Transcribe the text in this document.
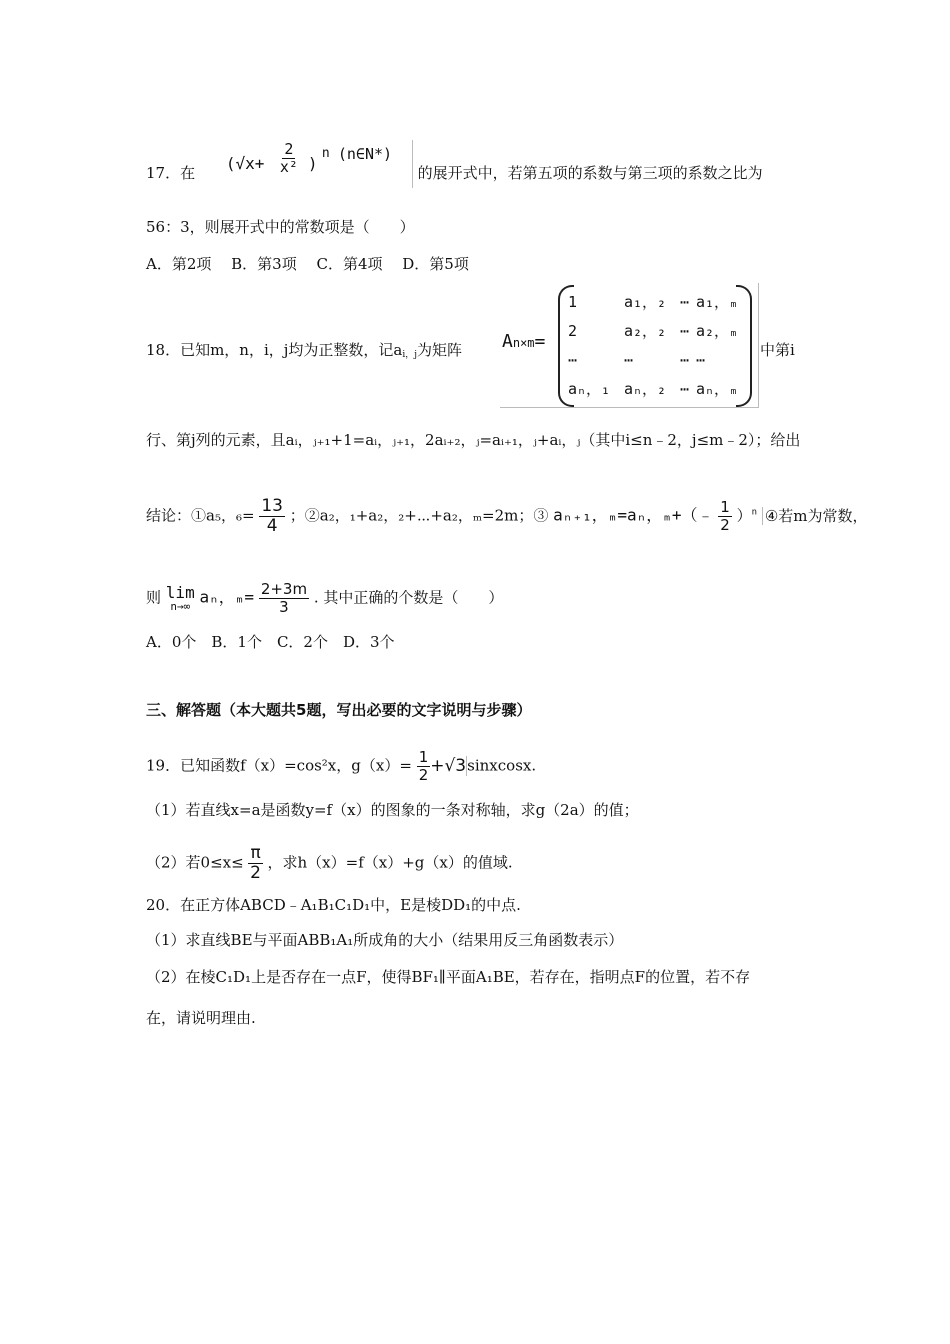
17．在 ($√x+ \frac{2}{\text{x²}}$ )
n (n∈N*)
的展开式中，若第五项的系数与第三项的系数之比为
56：3，则展开式中的常数项是（　　）
A．第2项　 B．第3项　 C．第4项　 D．第5项
18．已知m，n，i，j均为正整数，记$a_{i,j}$为矩阵 An×m=
1	a₁，₂ ⋯ a₁，ₘ
2	a₂，₂ ⋯ a₂，ₘ
⋯	⋯	⋯ ⋯
aₙ，₁ aₙ，₂ ⋯ aₙ，ₘ
中第i
行、第j列的元素，且aᵢ，ⱼ₊₁+1=aᵢ，ⱼ₊₁，2aᵢ₊₂，ⱼ=aᵢ₊₁，ⱼ+aᵢ，ⱼ（其中i≤n﹣2，j≤m﹣2）；给出
结论：①a₅，$_6= \frac{13}{4}$ ；②a₂，₁+a₂，₂+⋯+a₂，ₘ=2m；③ aₙ₊₁，ₘ=aₙ，ₘ+（﹣ $\frac{1}{2} )^n$ ④若m为常数，
则 lim
n→∞ aₙ，$_m= \frac{2+3m}{3}$ . 其中正确的个数是（　　）
A．0个　B．1个　C．2个　D．3个
三、解答题（本大题共5题，写出必要的文字说明与步骤）
19．已知函数f（x）=cos²x，$g(x)= \frac{1}{2}$ +√3sinxcosx.
（1）若直线x=a是函数y=f（x）的图象的一条对称轴，求g（2a）的值；
（2）若$0\le x\le \frac{\pi}{2}$ ，求h（x）=f（x）+g（x）的值域.
20．在正方体ABCD﹣A₁B₁C₁D₁中，E是棱DD₁的中点.
（1）求直线BE与平面ABB₁A₁所成角的大小（结果用反三角函数表示）
（2）在棱C₁D₁上是否存在一点F，使得BF₁∥平面A₁BE，若存在，指明点F的位置，若不存
在，请说明理由.
